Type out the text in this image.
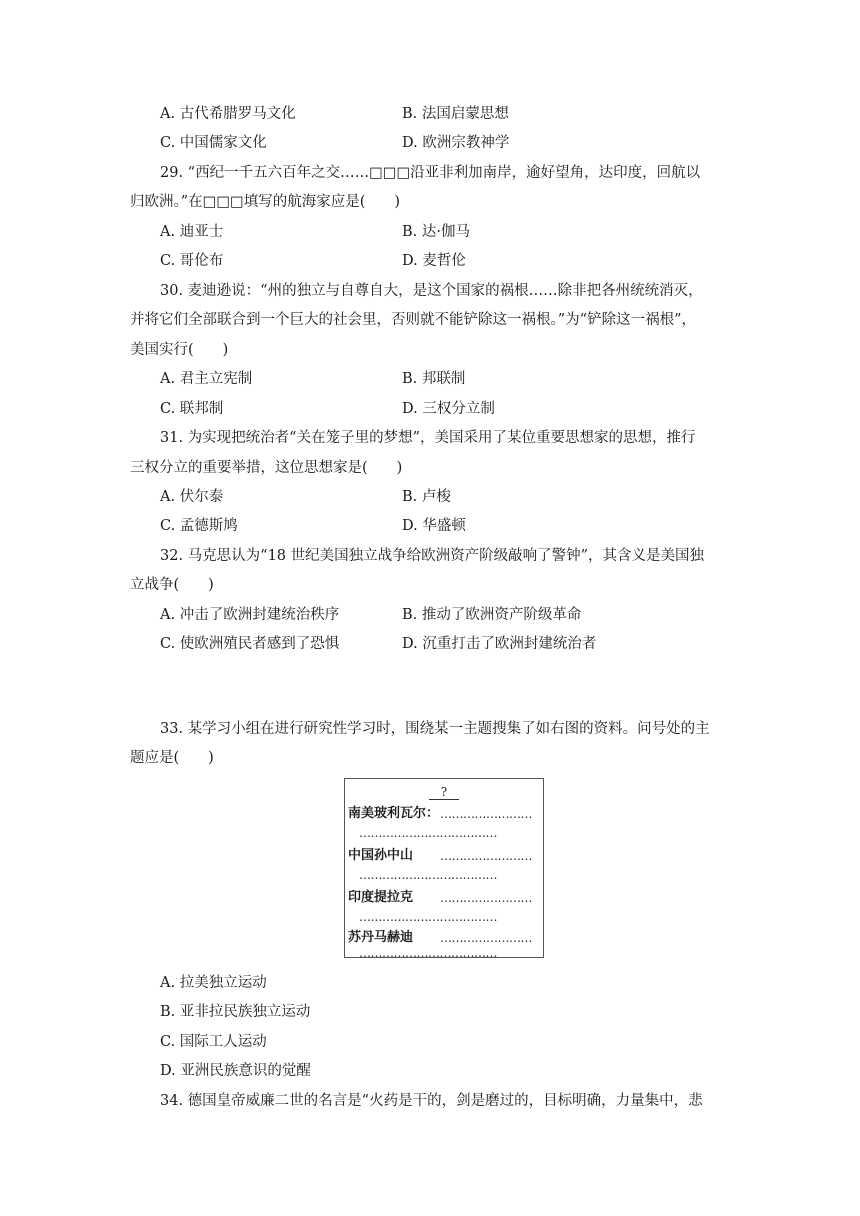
A. 古代希腊罗马文化	B. 法国启蒙思想
C. 中国儒家文化	D. 欧洲宗教神学
29. “西纪一千五六百年之交……□□□沿亚非利加南岸，逾好望角，达印度，回航以
归欧洲。”在□□□填写的航海家应是(　　)
A. 迪亚士	B. 达·伽马
C. 哥伦布	D. 麦哲伦
30. 麦迪逊说：“州的独立与自尊自大，是这个国家的祸根……除非把各州统统消灭，
并将它们全部联合到一个巨大的社会里，否则就不能铲除这一祸根。”为“铲除这一祸根”，
美国实行(　　)
A. 君主立宪制	B. 邦联制
C. 联邦制	D. 三权分立制
31. 为实现把统治者“关在笼子里的梦想”，美国采用了某位重要思想家的思想，推行
三权分立的重要举措，这位思想家是(　　)
A. 伏尔泰	B. 卢梭
C. 孟德斯鸠	D. 华盛顿
32. 马克思认为“18 世纪美国独立战争给欧洲资产阶级敲响了警钟”，其含义是美国独
立战争(　　)
A. 冲击了欧洲封建统治秩序	B. 推动了欧洲资产阶级革命
C. 使欧洲殖民者感到了恐惧	D. 沉重打击了欧洲封建统治者
33. 某学习小组在进行研究性学习时，围绕某一主题搜集了如右图的资料。问号处的主
题应是(　　)
?
南美玻利瓦尔： ……………………
………………………………
中国孙中山 ……………………
………………………………
印度提拉克 ……………………
………………………………
苏丹马赫迪 ……………………
………………………………
A. 拉美独立运动
B. 亚非拉民族独立运动
C. 国际工人运动
D. 亚洲民族意识的觉醒
34. 德国皇帝威廉二世的名言是“火药是干的，剑是磨过的，目标明确，力量集中，悲
